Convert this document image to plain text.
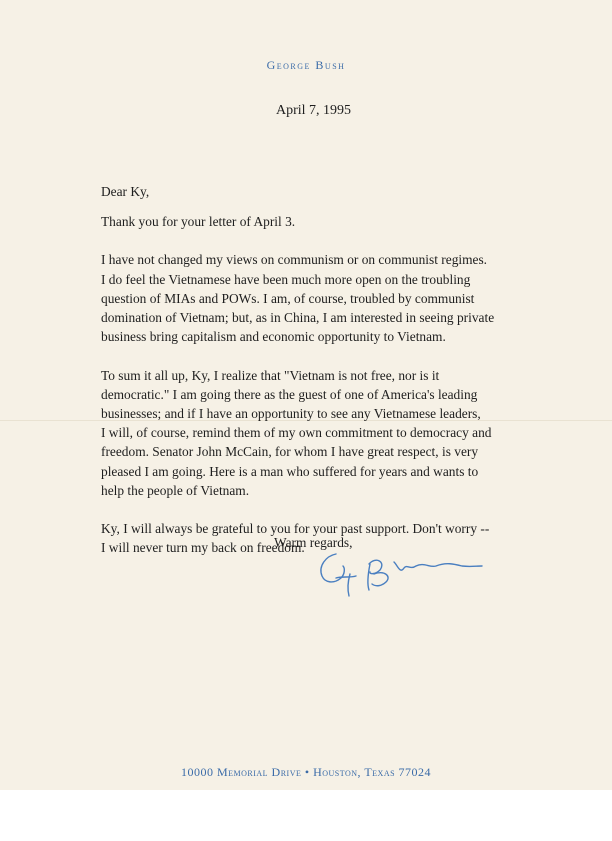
George Bush
April 7, 1995

Dear Ky,

Thank you for your letter of April 3.

I have not changed my views on communism or on communist regimes.
I do feel the Vietnamese have been much more open on the troubling
question of MIAs and POWs. I am, of course, troubled by communist
domination of Vietnam; but, as in China, I am interested in seeing private
business bring capitalism and economic opportunity to Vietnam.

To sum it all up, Ky, I realize that "Vietnam is not free, nor is it
democratic." I am going there as the guest of one of America's leading
businesses; and if I have an opportunity to see any Vietnamese leaders,
I will, of course, remind them of my own commitment to democracy and
freedom. Senator John McCain, for whom I have great respect, is very
pleased I am going. Here is a man who suffered for years and wants to
help the people of Vietnam.

Ky, I will always be grateful to you for your past support. Don't worry --
I will never turn my back on freedom.

Warm regards,

10000 Memorial Drive • Houston, Texas 77024
